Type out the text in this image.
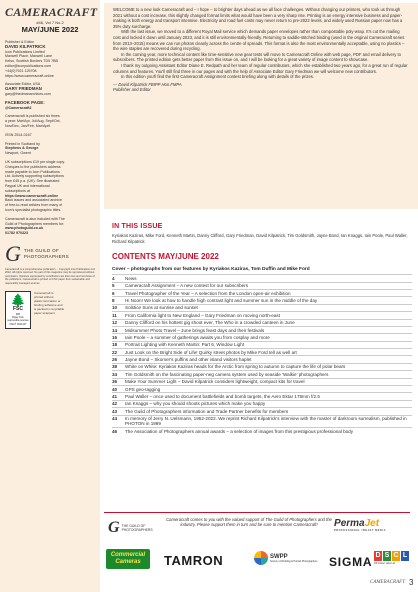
CAMERACRAFT
#46, Vol 7 No.2
MAY/JUNE 2022
Publisher & Editor
DAVID KILPATRICK
Icon Publications Limited
Maxwell Place, Maxwell Lane
Kelso, Scottish Borders TD5 7BB
editor@iconpublications.com
+44(0)7921 125708
https://www.cameracraft.online
Associate Editor, USA
GARY FRIEDMAN
gary@friedmanarchives.com
FACEBOOK PAGE:
@Cameracraft2
Cameracraft is published six times
a year: Mar/Apr, Jul/Aug, Sept/Oct,
Nov/Dec, Jan/Feb, Mar/April
ISSN 2514-0167
Printed in Scotland by
Stephens & George
Newport, Gwent
UK subscriptions £19 per single copy.
Cheques to the publishers address
made payable to Icon Publications
Ltd. Actively supporting subscriptions
from £45 p.a. (UK). See illustrated
Paypal UK and international
subscriptions at
https://www.cameracraft.online
Back issues and associated archive
of free-to-read articles from many of
Icon's specialist photographic titles.
Cameracraft is also included with The
Guild of Photographers members for:
www.photoguild.co.uk
01782 970323
G THE GUILD OF
PHOTOGRAPHERS
Cameracraft is a comprehensive publication ... Copyright Icon Publications Ltd 2022. All rights reserved. No part of this magazine may be reproduced without permission. Opinions expressed by contributors are their own and not those of the publishers. Cameracraft is printed on FSC paper from sustainable and responsibly managed sources.
🌲
FSC
MIX
Paper from responsible sources
FSC® C011417
Cameracraft is
printed without
plastic lamination or
binding adhesive and
is packed in recyclable
paper wrappers

WELCOME to a new look Cameracraft and – I hope – to brighter days ahead as we all face challenges. Without changing our printers, who took us through 2021 without a cost increase, this slightly changed format limits what would have been a very sharp rise. Printing is an energy intensive business and paper-making is both energy and transport intensive. Electricity and road fuel costs may never return to pre-2022 levels, and widely used Russian paper now has a 35% duty surcharge.

With the last issue, we moved to a different Royal Mail service which demands paper envelopes rather than compostable poly-wrap. It's cut the mailing cost and locked it down until January 2023, and it is still environmentally-friendly. Returning to saddle-stitched binding (used in the original Cameracraft series from 2013–2015) means we can run photos cleanly across the centre of spreads. This format is also the most environmentally acceptable, using no plastics – the wire staples are recovered during recycling.

In the coming year, more technical content like time-sensitive new gear tests will move to Cameracraft Online with web page, PDF and email delivery to subscribers. The printed edition gets better paper from this issue on, and I will be looking for a great variety of image content to showcase.

I thank my outgoing Assistant Editor Diane E. Redpath and her team of regular contributors, which she established two years ago, for a great run of regular columns and features. You'll still find three in our pages and with the help of Associate Editor Gary Friedman we will welcome new contributors.

In this edition you'll find the first Cameracraft Assignment contest briefing along with details of the prizes.

— David Kilpatrick FBIPP Hon.FMPA
Publisher and Editor
IN THIS ISSUE
Kyriakos Kaziras, Mike Ford, Kenneth Martin, Danny Clifford, Gary Friedman, David Kilpatrick, Tim Goldsmith, Jayne Bond, Ian Knaggs, Iain Poole, Paul Waller, Richard Kilpatrick
CONTENTS MAY/JUNE 2022
Cover – photographs from our features by Kyriakos Kaziras, Tom Duffin and Mike Ford
4	News
5	Cameracraft Assignment – A new contest for our subscribers
6	Travel Photographer of the Year – A selection from the London open-air exhibition
8	Hi Noon! We look at how to handle high contrast light and summer sun in the middle of the day
10	Solstice Suns at sunrise and sunset
11	From California light to New England – Gary Friedman on moving north-east
12	Danny Clifford on his hottest gig shoot ever, The Who in a crowded canteen in June
14	Midsummer Photo Travel – June brings feast days and their festivals
16	Iain Poole – a summer of gatherings awaits you from cosplay and more
18	Portrait Lighting with Kenneth Martin: Part 6, Window Light
22	Just Look on the Bright Side of Life! Quirky street photos by Mike Ford tell as well art
26	Jayne Bond – Skomer's puffins and other island visitors haplet
38	White on White: Kyriakos Kaziras heads for the Arctic from spring to autumn to capture the life of polar bears
34	Tim Goldsmith on the fascinating paper-neg camera system used by seaside 'Walkie' photographers
36	Make Your Summer Light – David Kilpatrick considers lightweight, compact kits for travel
40	GPS geo-tagging
41	Paul Waller – once used to document battlefields and bomb targets, the Aero Ektar 178mm f/2.5
42	Ian Knaggs – why you should shoots pictures which make you happy
43	The Guild of Photographers information and Trade Partner benefits for members
44	In memory of Jerry N. Uelsmann, 1952-2022. We reprint Richard Kilpatrick's interview with the master of darkroom surrealism, published in PHOTON in 1999
46	The Association of Photographers annual awards – a selection of images from this prestigious professional body
Cameracraft comes to you with the valued support of The Guild of Photographers and the industry. Please support them in turn and be sure to mention Cameracraft!
G THE GUILD OF
PHOTOGRAPHERS
PermaJet
PROFESSIONAL INKJET MEDIA
Commercial
Cameras	TAMRON	SWPP
Society of Wedding & Portrait Photographers SIGMA D S C L
DS Colour Labs Ltd
CAMERACRAFT 3
